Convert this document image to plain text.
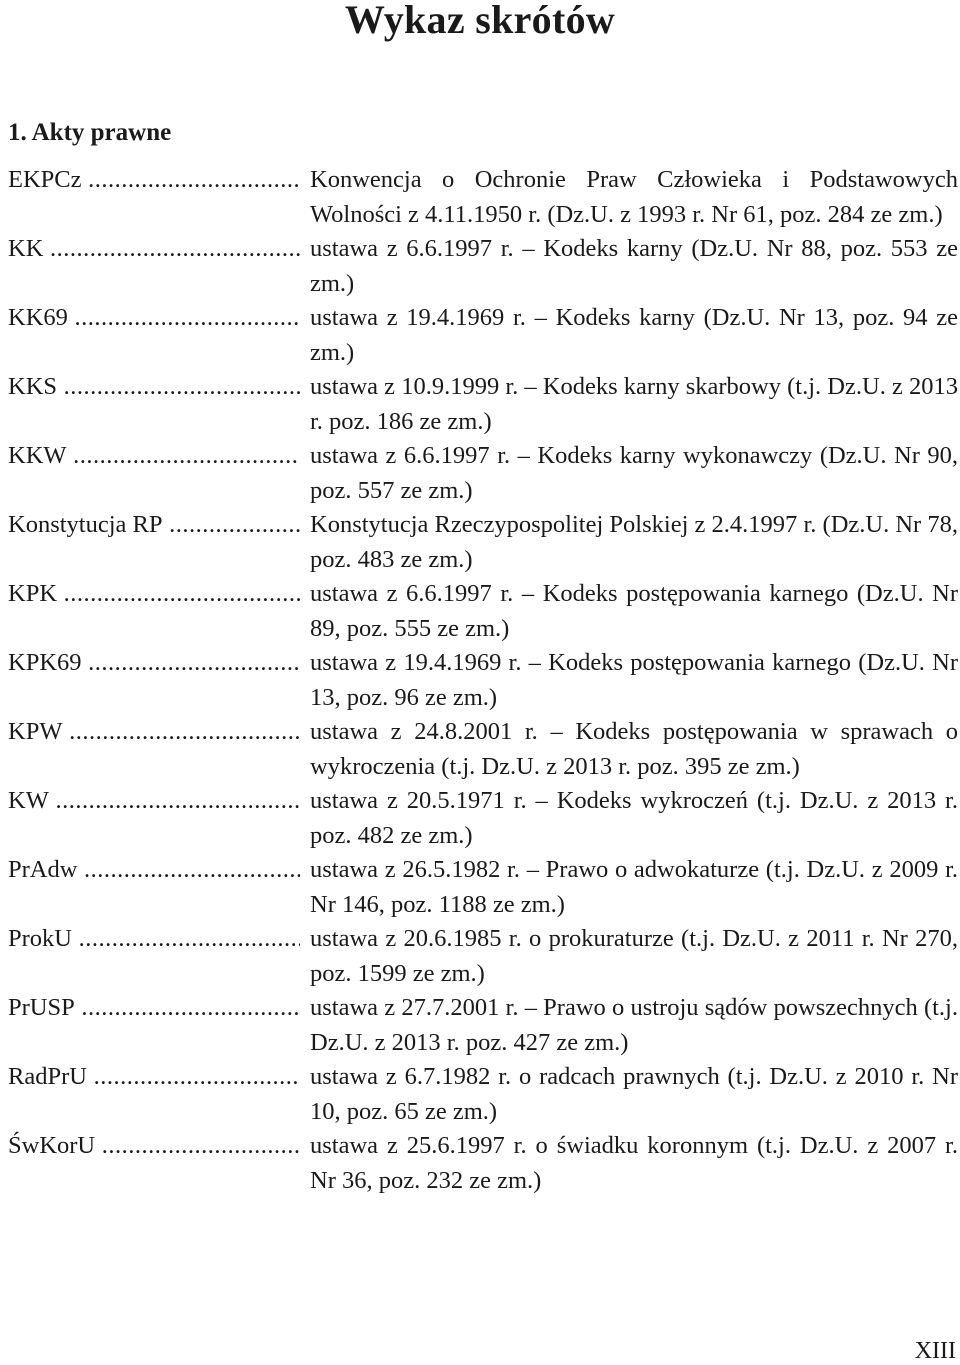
Wykaz skrótów
1. Akty prawne
EKPCz .....	Konwencja o Ochronie Praw Człowieka i Podstawowych Wolności z 4.11.1950 r. (Dz.U. z 1993 r. Nr 61, poz. 284 ze zm.)
KK .....	ustawa z 6.6.1997 r. – Kodeks karny (Dz.U. Nr 88, poz. 553 ze zm.)
KK69 .....	ustawa z 19.4.1969 r. – Kodeks karny (Dz.U. Nr 13, poz. 94 ze zm.)
KKS .....	ustawa z 10.9.1999 r. – Kodeks karny skarbowy (t.j. Dz.U. z 2013 r. poz. 186 ze zm.)
KKW .....	ustawa z 6.6.1997 r. – Kodeks karny wykonawczy (Dz.U. Nr 90, poz. 557 ze zm.)
Konstytucja RP .....	Konstytucja Rzeczypospolitej Polskiej z 2.4.1997 r. (Dz.U. Nr 78, poz. 483 ze zm.)
KPK .....	ustawa z 6.6.1997 r. – Kodeks postępowania karnego (Dz.U. Nr 89, poz. 555 ze zm.)
KPK69 .....	ustawa z 19.4.1969 r. – Kodeks postępowania karnego (Dz.U. Nr 13, poz. 96 ze zm.)
KPW .....	ustawa z 24.8.2001 r. – Kodeks postępowania w sprawach o wykroczenia (t.j. Dz.U. z 2013 r. poz. 395 ze zm.)
KW .....	ustawa z 20.5.1971 r. – Kodeks wykroczeń (t.j. Dz.U. z 2013 r. poz. 482 ze zm.)
PrAdw .....	ustawa z 26.5.1982 r. – Prawo o adwokaturze (t.j. Dz.U. z 2009 r. Nr 146, poz. 1188 ze zm.)
ProkU .....	ustawa z 20.6.1985 r. o prokuraturze (t.j. Dz.U. z 2011 r. Nr 270, poz. 1599 ze zm.)
PrUSP .....	ustawa z 27.7.2001 r. – Prawo o ustroju sądów powszechnych (t.j. Dz.U. z 2013 r. poz. 427 ze zm.)
RadPrU .....	ustawa z 6.7.1982 r. o radcach prawnych (t.j. Dz.U. z 2010 r. Nr 10, poz. 65 ze zm.)
ŚwKorU .....	ustawa z 25.6.1997 r. o świadku koronnym (t.j. Dz.U. z 2007 r. Nr 36, poz. 232 ze zm.)
XIII
